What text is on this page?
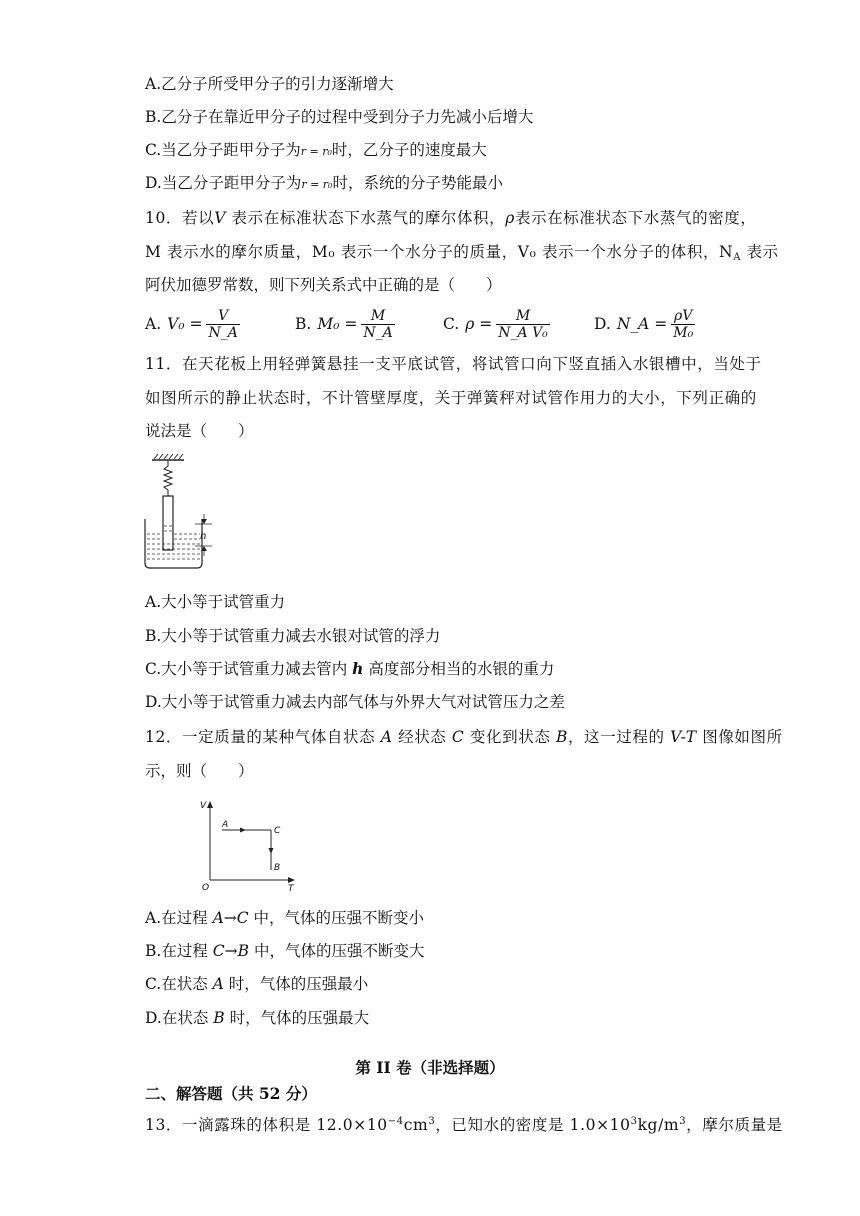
A.乙分子所受甲分子的引力逐渐增大
B.乙分子在靠近甲分子的过程中受到分子力先减小后增大
C.当乙分子距甲分子为r = r₀时，乙分子的速度最大
D.当乙分子距甲分子为r = r₀时，系统的分子势能最小
10．若以V 表示在标准状态下水蒸气的摩尔体积，ρ表示在标准状态下水蒸气的密度，
M 表示水的摩尔质量，M₀ 表示一个水分子的质量，V₀ 表示一个水分子的体积，$N_A$ 表示
阿伏加德罗常数，则下列关系式中正确的是（　　）
A. $V_0 = \frac{V}{N\_A}$	B. $M_0 = \frac{M}{N\_A}$	C. $\rho = \frac{M}{\text{N\_A V₀}}$	D. N_A = $\frac{\rho V}{\text{M₀}}$
11．在天花板上用轻弹簧悬挂一支平底试管，将试管口向下竖直插入水银槽中，当处于
如图所示的静止状态时，不计管壁厚度，关于弹簧秤对试管作用力的大小，下列正确的
说法是（　　）
h
A.大小等于试管重力
B.大小等于试管重力减去水银对试管的浮力
C.大小等于试管重力减去管内 h 高度部分相当的水银的重力
D.大小等于试管重力减去内部气体与外界大气对试管压力之差
12．一定质量的某种气体自状态 A 经状态 C 变化到状态 B，这一过程的 V-T 图像如图所
示，则（　　）
V
T
O
A
C
B
A.在过程 A→C 中，气体的压强不断变小
B.在过程 C→B 中，气体的压强不断变大
C.在状态 A 时，气体的压强最小
D.在状态 B 时，气体的压强最大
第 II 卷（非选择题）
二、解答题（共 52 分）
13．一滴露珠的体积是 $12.0\times 10^{-4}cm^3$，已知水的密度是 $1.0\times 10^3kg/m^3$，摩尔质量是
